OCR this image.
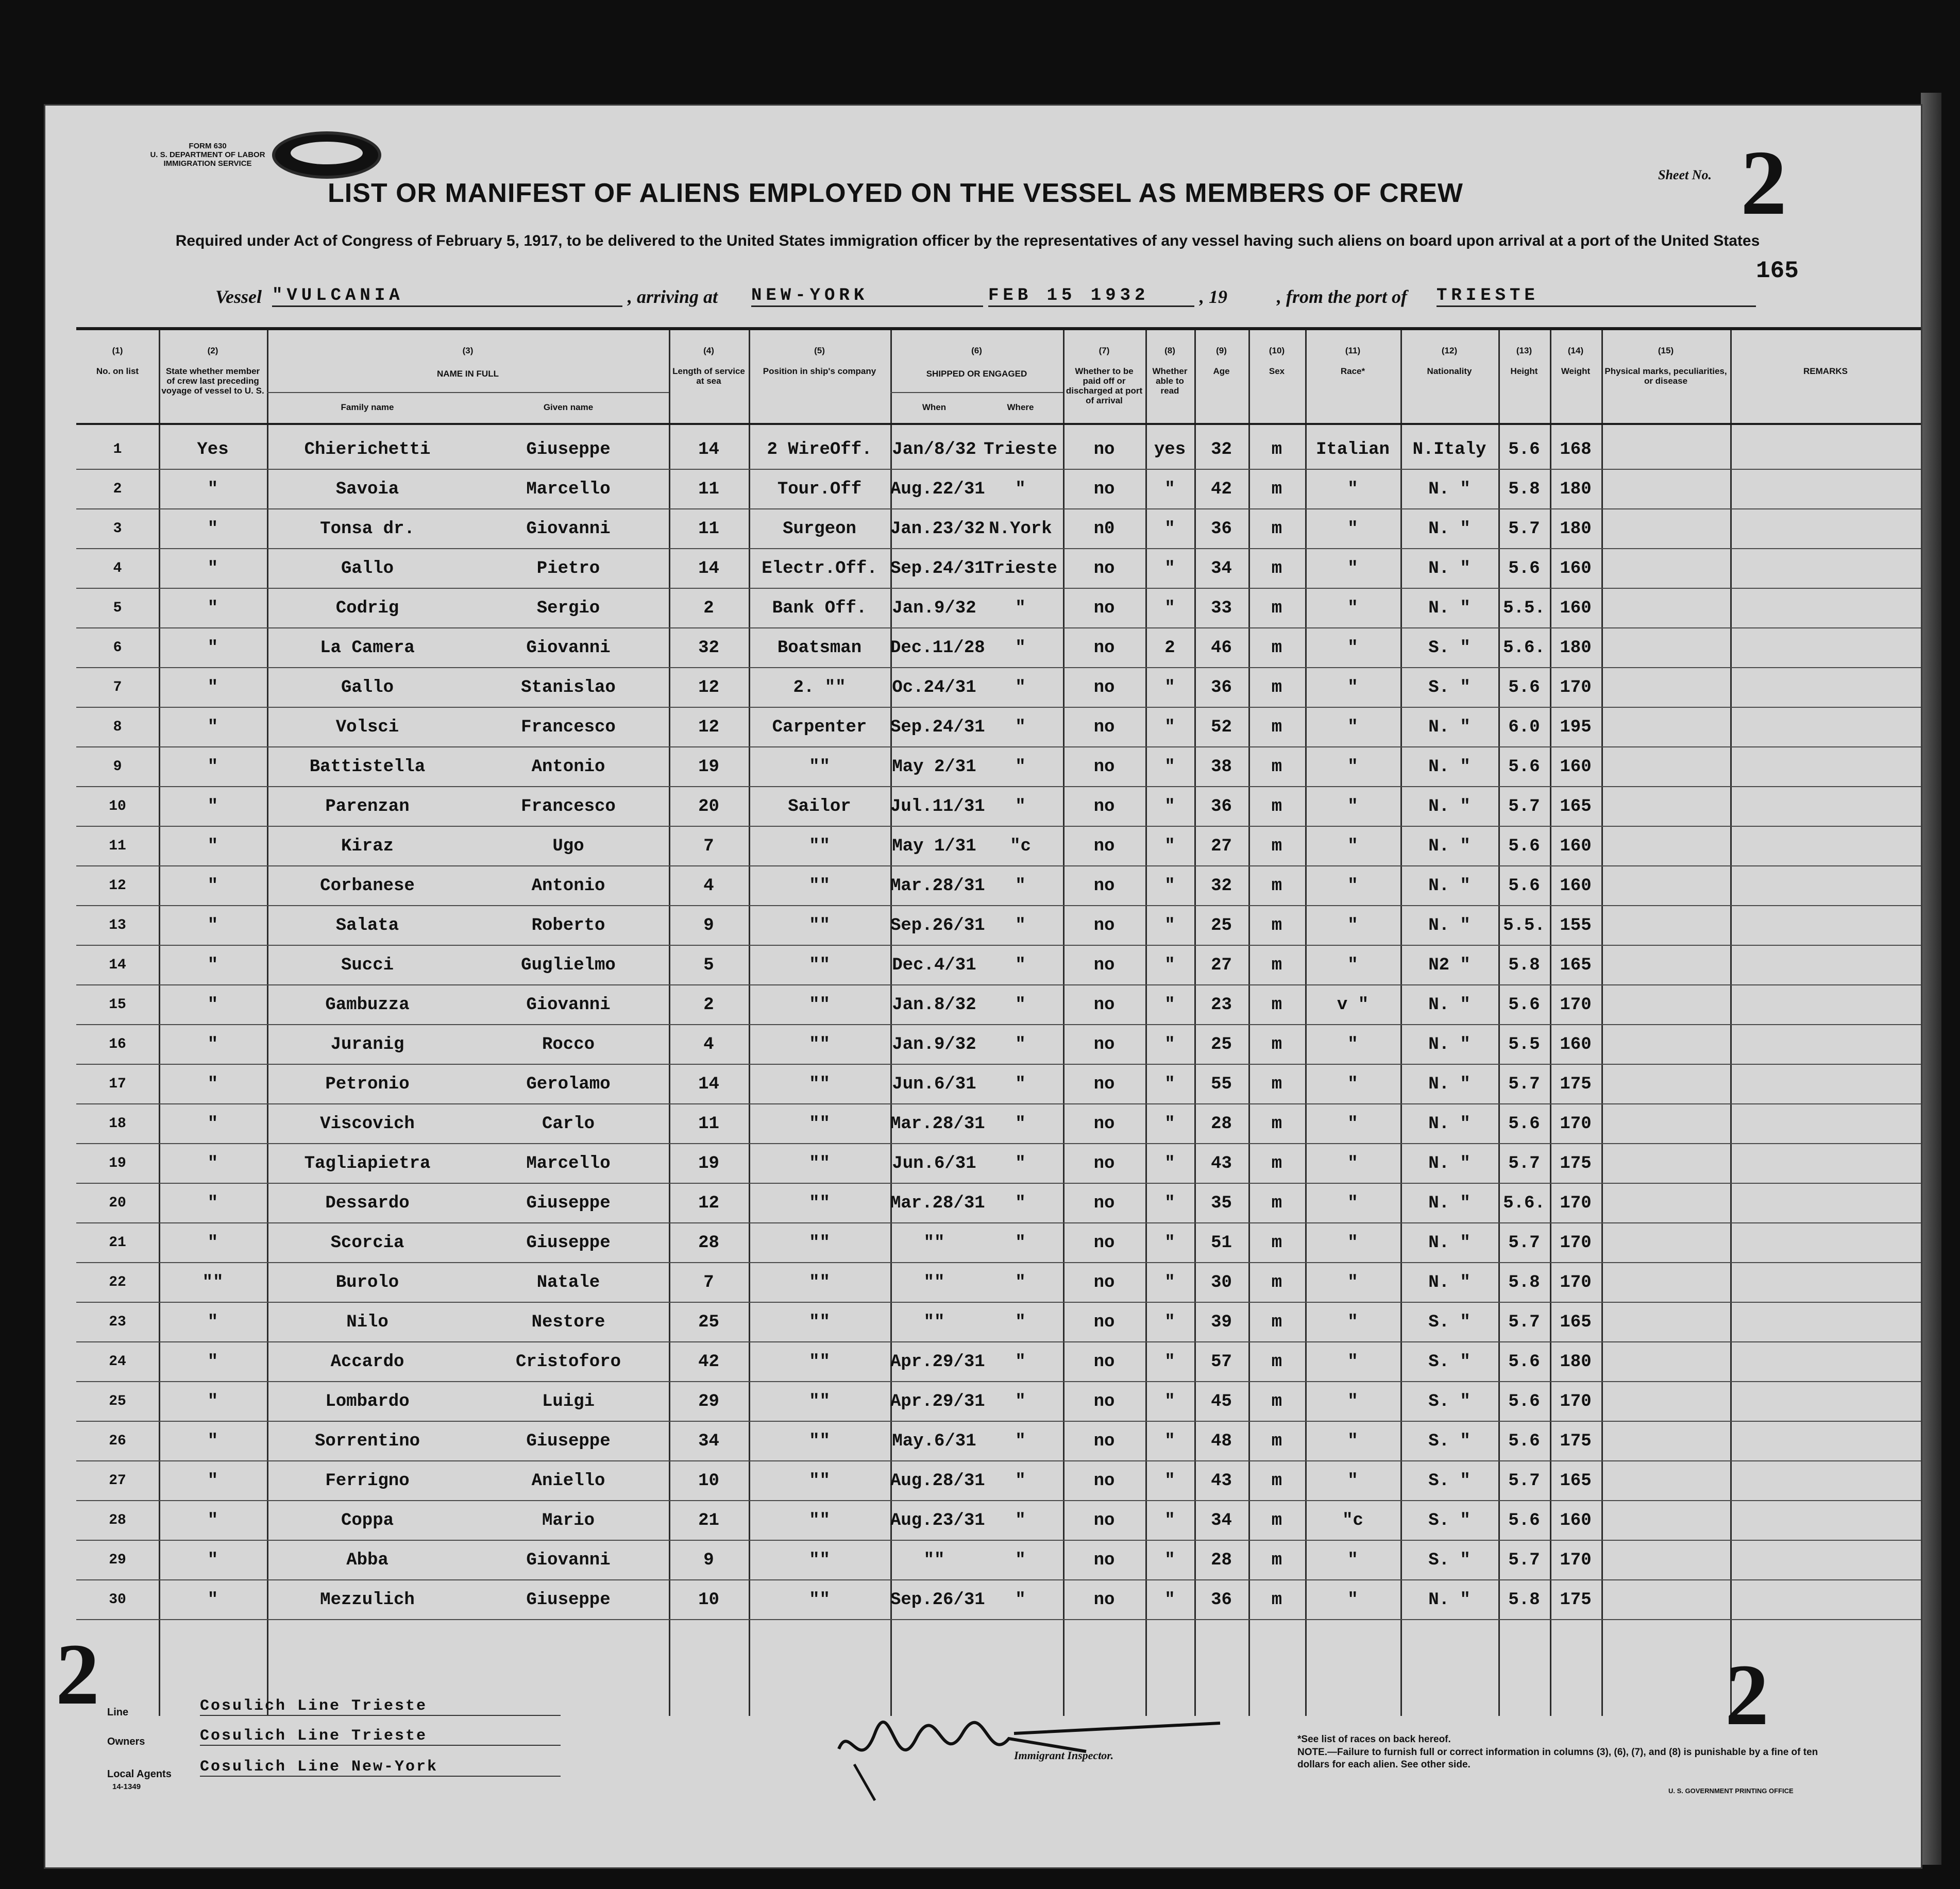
FORM 630
U. S. DEPARTMENT OF LABOR
IMMIGRATION SERVICE
LIST OR MANIFEST OF ALIENS EMPLOYED ON THE VESSEL AS MEMBERS OF CREW
Required under Act of Congress of February 5, 1917, to be delivered to the United States immigration officer by the representatives of any vessel having such aliens on board upon arrival at a port of the United States
Sheet No. 2
165
Vessel "VULCANIA	, arriving at NEW-YORK	FEB 15 1932	, 19	, from the port of TRIESTE
(1)
No. on list
(2)
State whether member of crew last preceding voyage of vessel to U. S.
(3)
NAME IN FULL
(4)
Length of service at sea
(5)
Position in ship's company
(6)
SHIPPED OR ENGAGED
(7)
Whether to be paid off or discharged at port of arrival
(8)
Whether able to read
(9)
Age
(10)
Sex
(11)
Race*
(12)
Nationality
(13)
Height
(14)
Weight
(15)
Physical marks, peculiarities, or disease
REMARKS
Family name	Given name	When	Where
1	Yes	Chierichetti	Giuseppe	14	2 WireOff.	Jan/8/32 Trieste	no	yes	32	m	Italian	N.Italy	5.6	168
2	"	Savoia	Marcello	11	Tour.Off	Aug.22/31	"	no	"	42	m	"	N. "	5.8	180
3	"	Tonsa dr.	Giovanni	11	Surgeon	Jan.23/32 N.York	n0	"	36	m	"	N. "	5.7	180
4	"	Gallo	Pietro	14	Electr.Off. Sep.24/31
Trieste	no	"	34	m	"	N. "	5.6	160
5	"	Codrig	Sergio	2	Bank Off.	Jan.9/32	"	no	"	33	m	"	N. "	5.5. 160
6	"	La Camera	Giovanni	32	Boatsman	Dec.11/28	"	no	2	46	m	"	S. "	5.6. 180
7	"	Gallo	Stanislao	12	2. ""	Oc.24/31	"	no	"	36	m	"	S. "	5.6	170
8	"	Volsci	Francesco	12	Carpenter	Sep.24/31	"	no	"	52	m	"	N. "	6.0	195
9	"	Battistella	Antonio	19	""	May 2/31	"	no	"	38	m	"	N. "	5.6	160
10	"	Parenzan	Francesco	20	Sailor	Jul.11/31	"	no	"	36	m	"	N. "	5.7	165
11	"	Kiraz	Ugo	7	""	May 1/31	"c	no	"	27	m	"	N. "	5.6	160
12	"	Corbanese	Antonio	4	""	Mar.28/31	"	no	"	32	m	"	N. "	5.6	160
13	"	Salata	Roberto	9	""	Sep.26/31	"	no	"	25	m	"	N. "	5.5. 155
14	"	Succi	Guglielmo	5	""	Dec.4/31	"	no	"	27	m	"	N2 "	5.8	165
15	"	Gambuzza	Giovanni	2	""	Jan.8/32	"	no	"	23	m	v "	N. "	5.6	170
16	"	Juranig	Rocco	4	""	Jan.9/32	"	no	"	25	m	"	N. "	5.5	160
17	"	Petronio	Gerolamo	14	""	Jun.6/31	"	no	"	55	m	"	N. "	5.7	175
18	"	Viscovich	Carlo	11	""	Mar.28/31	"	no	"	28	m	"	N. "	5.6	170
19	"	Tagliapietra	Marcello	19	""	Jun.6/31	"	no	"	43	m	"	N. "	5.7	175
20	"	Dessardo	Giuseppe	12	""	Mar.28/31	"	no	"	35	m	"	N. "	5.6. 170
21	"	Scorcia	Giuseppe	28	""	""	"	no	"	51	m	"	N. "	5.7	170
22	""	Burolo	Natale	7	""	""	"	no	"	30	m	"	N. "	5.8	170
23	"	Nilo	Nestore	25	""	""	"	no	"	39	m	"	S. "	5.7	165
24	"	Accardo	Cristoforo	42	""	Apr.29/31	"	no	"	57	m	"	S. "	5.6	180
25	"	Lombardo	Luigi	29	""	Apr.29/31	"	no	"	45	m	"	S. "	5.6	170
26	"	Sorrentino	Giuseppe	34	""	May.6/31	"	no	"	48	m	"	S. "	5.6	175
27	"	Ferrigno	Aniello	10	""	Aug.28/31	"	no	"	43	m	"	S. "	5.7	165
28	"	Coppa	Mario	21	""	Aug.23/31	"	no	"	34	m	"c	S. "	5.6	160
29	"	Abba	Giovanni	9	""	""	"	no	"	28	m	"	S. "	5.7	170
30	"	Mezzulich	Giuseppe	10	""	Sep.26/31	"	no	"	36	m	"	N. "	5.8	175
2	2
Line	Cosulich Line Trieste
Owners	Cosulich Line Trieste
Local Agents Cosulich Line New-York
14-1349
Immigrant Inspector.
*See list of races on back hereof.
NOTE.—Failure to furnish full or correct information in columns (3), (6), (7), and (8) is punishable by a fine of ten dollars for each alien. See other side.
U. S. GOVERNMENT PRINTING OFFICE
